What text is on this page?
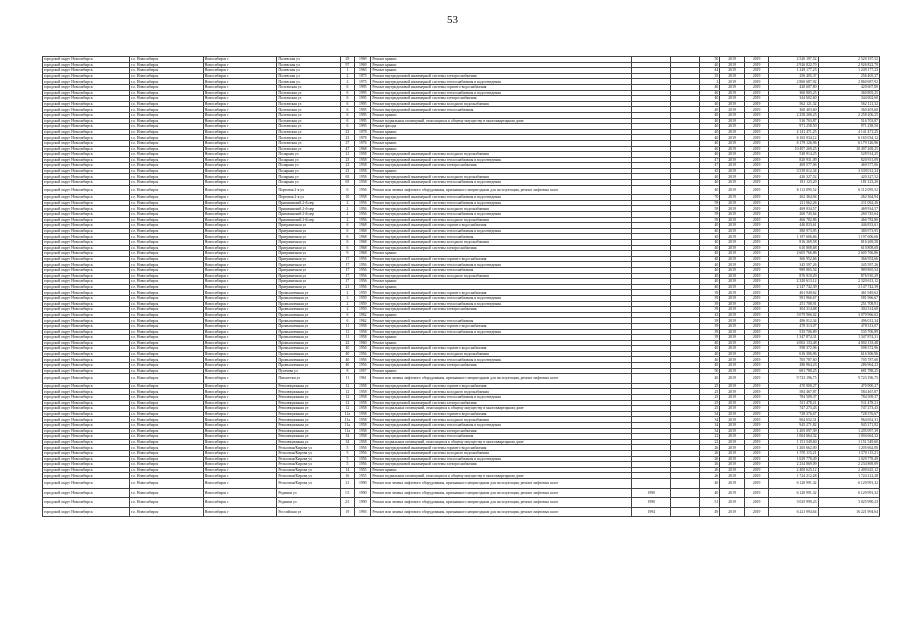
53
городской округ Новосибирск	г.о. Новосибирск	Новосибирск г	Полевская ул	29	1969	Ремонт крыши			50	2019	2019	2 520 197,52	2 520 197,52
городской округ Новосибирск	г.о. Новосибирск	Новосибирск г	Полевская ул	97	1969	Ремонт крыши			40	2019	2019	2 926 822,70	2 926 822,70
городской округ Новосибирск	г.о. Новосибирск	Новосибирск г	Полевская ул	1	1965	Ремонт крыши			44	2019	2019	1 249 177,23	1 249 177,23
городской округ Новосибирск	г.о. Новосибирск	Новосибирск г	Полевская ул	2	1975	Ремонт внутридомовой инженерной системы электроснабжения			35	2019	2019	256 405,37	256 405,37
городской округ Новосибирск	г.о. Новосибирск	Новосибирск г	Полевская ул	2	1975	Ремонт внутридомовой инженерной системы теплоснабжения и водоотведения			2	2019	2019	2 860 687,92	2 860 687,92
городской округ Новосибирск	г.о. Новосибирск	Новосибирск г	Полтавская ул	6	1995	Ремонт внутридомовой инженерной системы горячего водоснабжения			40	2019	2019	420 607,80	420 607,80
городской округ Новосибирск	г.о. Новосибирск	Новосибирск г	Полтавская ул	6	1995	Ремонт внутридомовой инженерной системы теплоснабжения и водоотведения			40	2019	2019	360 805,25	360 805,25
городской округ Новосибирск	г.о. Новосибирск	Новосибирск г	Полтавская ул	6	1995	Ремонт внутридомовой инженерной системы электроснабжения			40	2019	2019	344 602,60	344 602,60
городской округ Новосибирск	г.о. Новосибирск	Новосибирск г	Полтавская ул	6	1995	Ремонт внутридомовой инженерной системы холодного водоснабжения			40	2019	2019	562 121,32	562 121,32
городской округ Новосибирск	г.о. Новосибирск	Новосибирск г	Полтавская ул	6	1995	Ремонт внутридомовой инженерной системы теплоснабжения			40	2019	2019	360 403,60	360 403,60
городской округ Новосибирск	г.о. Новосибирск	Новосибирск г	Полтавская ул	6	1995	Ремонт крыши			40	2019	2019	2 258 206,25	2 258 206,25
городской округ Новосибирск	г.о. Новосибирск	Новосибирск г	Полтавская ул	6	1995	Ремонт подвальных помещений, относящихся к общему имуществу в многоквартирном доме			40	2019	2019	516 703,87	516 703,87
городской округ Новосибирск	г.о. Новосибирск	Новосибирск г	Полтавская ул	6	1995	Ремонт фасада			40	2019	2019	971 258,50	971 258,50
городской округ Новосибирск	г.о. Новосибирск	Новосибирск г	Полтавская ул	23	1978	Ремонт крыши			40	2019	2019	4 141 471,25	4 141 471,25
городской округ Новосибирск	г.о. Новосибирск	Новосибирск г	Полтавская ул	23	1978	Ремонт крыши			40	2019	2019	6 165 034,12	6 165 034,12
городской округ Новосибирск	г.о. Новосибирск	Новосибирск г	Полтавская ул	37	1976	Ремонт крыши			40	2019	2019	6 179 126,96	6 179 126,96
городской округ Новосибирск	г.о. Новосибирск	Новосибирск г	Полтавская ул	47	1968	Ремонт крыши			40	2019	2019	10 497 269,25	10 497 269,25
городской округ Новосибирск	г.о. Новосибирск	Новосибирск г	Полярная ул	21	1958	Ремонт внутридомовой инженерной системы холодного водоснабжения			40	2019	2019	528 914,25	528 914,25
городской округ Новосибирск	г.о. Новосибирск	Новосибирск г	Полярная ул	23	1958	Ремонт внутридомовой инженерной системы теплоснабжения и водоотведения			47	2019	2019	820 931,09	820 931,09
городской округ Новосибирск	г.о. Новосибирск	Новосибирск г	Полярная ул	23	1958	Ремонт внутридомовой инженерной системы электроснабжения			47	2019	2019	469 577,06	469 577,06
городской округ Новосибирск	г.о. Новосибирск	Новосибирск г	Полярная ул	23	1958	Ремонт крыши			45	2019	2019	3 539 012,34	3 539 012,34
городской округ Новосибирск	г.о. Новосибирск	Новосибирск г	Полярная ул	65	1958	Ремонт внутридомовой инженерной системы холодного водоснабжения			40	2019	2019	420 327,52	420 327,52
городской округ Новосибирск	г.о. Новосибирск	Новосибирск г	Полярная ул	65	1958	Ремонт внутридомовой инженерной системы теплоснабжения и водоотведения			40	2019	2019	181 123,20	181 123,20
городской округ Новосибирск	г.о. Новосибирск	Новосибирск г	Портовая 2-я ул	6	1956	Ремонт или замена лифтового оборудования, признанного непригодным для эксплуатации, ремонт лифтовых шахт			40	2019	2019	6 112 095,52	6 112 095,52
городской округ Новосибирск	г.о. Новосибирск	Новосибирск г	Портовая 2-я ул	10	1958	Ремонт внутридомовой инженерной системы теплоснабжения и водоотведения			70	2019	2019	262 364,94	262 364,94
городской округ Новосибирск	г.о. Новосибирск	Новосибирск г	Пришвинский 2-й пер	2	1956	Ремонт внутридомовой инженерной системы теплоснабжения и водоотведения			59	2019	2019	211 062,26	211 062,26
городской округ Новосибирск	г.о. Новосибирск	Новосибирск г	Пришвинский 2-й пер	2	1956	Ремонт внутридомовой инженерной системы холодного водоснабжения			59	2019	2019	469 934,57	469 934,57
городской округ Новосибирск	г.о. Новосибирск	Новосибирск г	Пришвинский 2-й пер	2	1956	Ремонт внутридомовой инженерной системы теплоснабжения и водоотведения			59	2019	2019	260 745,64	260 745,64
городской округ Новосибирск	г.о. Новосибирск	Новосибирск г	Пришвинский 2-й пер	2	1956	Ремонт внутридомовой инженерной системы холодного водоснабжения			59	2019	2019	466 782,86	466 782,86
городской округ Новосибирск	г.о. Новосибирск	Новосибирск г	Приграничная ул	6	1968	Ремонт внутридомовой инженерной системы горячего водоснабжения			40	2019	2019	446 833,61	446 833,61
городской округ Новосибирск	г.о. Новосибирск	Новосибирск г	Приграничная ул	6	1968	Ремонт внутридомовой инженерной системы теплоснабжения и водоотведения			40	2019	2019	380 973,95	380 973,95
городской округ Новосибирск	г.о. Новосибирск	Новосибирск г	Приграничная ул	6	1968	Ремонт внутридомовой инженерной системы теплоснабжения			40	2019	2019	1 197 606,66	1 197 606,66
городской округ Новосибирск	г.о. Новосибирск	Новосибирск г	Приграничная ул	6	1968	Ремонт внутридомовой инженерной системы холодного водоснабжения			40	2019	2019	816 269,58	816 269,58
городской округ Новосибирск	г.о. Новосибирск	Новосибирск г	Приграничная ул	6	1968	Ремонт внутридомовой инженерной системы электроснабжения			40	2019	2019	610 808,68	610 808,68
городской округ Новосибирск	г.о. Новосибирск	Новосибирск г	Приграничная ул	9	1968	Ремонт крыши			40	2019	2019	2 605 766,86	2 605 766,86
городской округ Новосибирск	г.о. Новосибирск	Новосибирск г	Приграничная ул	17	1956	Ремонт внутридомовой инженерной системы горячего водоснабжения			40	2019	2019	366 952,66	366 952,66
городской округ Новосибирск	г.о. Новосибирск	Новосибирск г	Приграничная ул	17	1956	Ремонт внутридомовой инженерной системы теплоснабжения и водоотведения			40	2019	2019	345 597,26	345 597,26
городской округ Новосибирск	г.о. Новосибирск	Новосибирск г	Приграничная ул	17	1956	Ремонт внутридомовой инженерной системы теплоснабжения			40	2019	2019	989 865,54	989 865,54
городской округ Новосибирск	г.о. Новосибирск	Новосибирск г	Приграничная ул	17	1956	Ремонт внутридомовой инженерной системы холодного водоснабжения			40	2019	2019	876 910,29	876 910,29
городской округ Новосибирск	г.о. Новосибирск	Новосибирск г	Приграничная ул	17	1956	Ремонт крыши			40	2019	2019	2 320 613,12	2 320 613,12
городской округ Новосибирск	г.о. Новосибирск	Новосибирск г	Приграничная ул	21	1956	Ремонт крыши			40	2019	2019	2 147 742,39	2 147 742,39
городской округ Новосибирск	г.о. Новосибирск	Новосибирск г	Промышленная ул	2	1959	Ремонт внутридомовой инженерной системы горячего водоснабжения			39	2019	2019	461 949,62	461 949,62
городской округ Новосибирск	г.о. Новосибирск	Новосибирск г	Промышленная ул	2	1959	Ремонт внутридомовой инженерной системы теплоснабжения и водоотведения			39	2019	2019	581 966,67	581 966,67
городской округ Новосибирск	г.о. Новосибирск	Новосибирск г	Промышленная ул	2	1959	Ремонт внутридомовой инженерной системы теплоснабжения и водоотведения			39	2019	2019	251 708,91	251 708,91
городской округ Новосибирск	г.о. Новосибирск	Новосибирск г	Промышленная ул	2	1959	Ремонт внутридомовой инженерной системы электроснабжения			39	2019	2019	304 314,68	304 314,68
городской округ Новосибирск	г.о. Новосибирск	Новосибирск г	Промышленная ул	6	1962	Ремонт крыши			43	2019	2019	3 079 966,02	3 079 966,02
городской округ Новосибирск	г.о. Новосибирск	Новосибирск г	Промышленная ул	6	1962	Ремонт внутридомовой инженерной системы теплоснабжения			39	2019	2019	496 012,34	496 012,34
городской округ Новосибирск	г.о. Новосибирск	Новосибирск г	Промышленная ул	11	1958	Ремонт внутридомовой инженерной системы горячего водоснабжения			39	2019	2019	478 313,07	478 313,07
городской округ Новосибирск	г.о. Новосибирск	Новосибирск г	Промышленная ул	11	1958	Ремонт внутридомовой инженерной системы теплоснабжения и водоотведения			39	2019	2019	535 706,89	535 706,89
городской округ Новосибирск	г.о. Новосибирск	Новосибирск г	Промышленная ул	11	1958	Ремонт крыши			39	2019	2019	1 347 874,31	1 347 874,31
городской округ Новосибирск	г.о. Новосибирск	Новосибирск г	Промышленная ул	22	1960	Ремонт крыши			40	2019	2019	4 002 133,48	4 002 133,48
городской округ Новосибирск	г.о. Новосибирск	Новосибирск г	Промышленная ул	40	1956	Ремонт внутридомовой инженерной системы горячего водоснабжения			40	2019	2019	598 372,96	598 372,96
городской округ Новосибирск	г.о. Новосибирск	Новосибирск г	Промышленная ул	40	1956	Ремонт внутридомовой инженерной системы холодного водоснабжения			40	2019	2019	616 306,96	616 306,96
городской округ Новосибирск	г.о. Новосибирск	Новосибирск г	Промышленная ул	40	1956	Ремонт внутридомовой инженерной системы теплоснабжения и водоотведения			40	2019	2019	705 787,60	705 787,60
городской округ Новосибирск	г.о. Новосибирск	Новосибирск г	Промышленная ул	40	1956	Ремонт внутридомовой инженерной системы электроснабжения			40	2019	2019	286 964,23	286 964,23
городской округ Новосибирск	г.о. Новосибирск	Новосибирск г	Пугачева ул	8	1957	Ремонт крыши			50	2019	2019	681 788,25	681 788,25
городской округ Новосибирск	г.о. Новосибирск	Новосибирск г	Пятилетки ул	11	1961	Ремонт или замена лифтового оборудования, признанного непригодным для эксплуатации, ремонт лифтовых шахт			40	2019	2019	9 723 196,75	9 723 196,75
городской округ Новосибирск	г.о. Новосибирск	Новосибирск г	Революционная ул	12	1958	Ремонт внутридомовой инженерной системы горячего водоснабжения			25	2019	2019	470 900,27	470 900,27
городской округ Новосибирск	г.о. Новосибирск	Новосибирск г	Революционная ул	12	1958	Ремонт внутридомовой инженерной системы холодного водоснабжения			25	2019	2019	584 467,87	584 467,87
городской округ Новосибирск	г.о. Новосибирск	Новосибирск г	Революционная ул	12	1958	Ремонт внутридомовой инженерной системы теплоснабжения и водоотведения			25	2019	2019	784 509,37	784 509,37
городской округ Новосибирск	г.о. Новосибирск	Новосибирск г	Революционная ул	12	1958	Ремонт внутридомовой инженерной системы электроснабжения			25	2019	2019	511 478,21	511 478,21
городской округ Новосибирск	г.о. Новосибирск	Новосибирск г	Революционная ул	12	1958	Ремонт подвальных помещений, относящихся к общему имуществу в многоквартирном доме			25	2019	2019	747 273,43	747 273,43
городской округ Новосибирск	г.о. Новосибирск	Новосибирск г	Революционная ул	11а	1958	Ремонт внутридомовой инженерной системы горячего водоснабжения			34	2019	2019	728 376,67	728 376,67
городской округ Новосибирск	г.о. Новосибирск	Новосибирск г	Революционная ул	11а	1958	Ремонт внутридомовой инженерной системы холодного водоснабжения			34	2019	2019	964 652,31	964 652,31
городской округ Новосибирск	г.о. Новосибирск	Новосибирск г	Революционная ул	11а	1958	Ремонт внутридомовой инженерной системы теплоснабжения и водоотведения			34	2019	2019	945 271,82	945 271,82
городской округ Новосибирск	г.о. Новосибирск	Новосибирск г	Революционная ул	11а	1958	Ремонт внутридомовой инженерной системы электроснабжения			34	2019	2019	1 205 097,39	1 205 097,39
городской округ Новосибирск	г.о. Новосибирск	Новосибирск г	Революционная ул	34	1958	Ремонт внутридомовой инженерной системы теплоснабжения			22	2019	2019	1 004 664,32	1 004 664,32
городской округ Новосибирск	г.о. Новосибирск	Новосибирск г	Революционная ул	34	1958	Ремонт подвальных помещений, относящихся к общему имуществу в многоквартирном доме			22	2019	2019	1 151 549,60	1 151 549,60
городской округ Новосибирск	г.о. Новосибирск	Новосибирск г	Рельсовая/Кирова ул	5	1956	Ремонт внутридомовой инженерной системы горячего водоснабжения			26	2019	2019	1 205 662,00	1 205 662,00
городской округ Новосибирск	г.о. Новосибирск	Новосибирск г	Рельсовая/Кирова ул	5	1956	Ремонт внутридомовой инженерной системы холодного водоснабжения			26	2019	2019	1 570 115,21	1 570 115,21
городской округ Новосибирск	г.о. Новосибирск	Новосибирск г	Рельсовая/Кирова ул	5	1956	Ремонт внутридомовой инженерной системы теплоснабжения и водоотведения			26	2019	2019	1 029 778,49	1 029 778,49
городской округ Новосибирск	г.о. Новосибирск	Новосибирск г	Рельсовая/Кирова ул	5	1956	Ремонт внутридомовой инженерной системы электроснабжения			26	2019	2019	2 234 869,09	2 234 869,09
городской округ Новосибирск	г.о. Новосибирск	Новосибирск г	Рельсовая/Кирова ул	14	1955	Ремонт крыши			26	2019	2019	2 400 625,12	2 400 625,12
городской округ Новосибирск	г.о. Новосибирск	Новосибирск г	Рельсовая/Кирова ул	16	1955	Ремонт подвальных помещений, относящихся к общему имуществу в многоквартирном доме			26	2019	2019	1 724 212,28	1 724 212,28
городской округ Новосибирск	г.о. Новосибирск	Новосибирск г	Рельсовая/Кирова ул	21	1990	Ремонт или замена лифтового оборудования, признанного непригодным для эксплуатации, ремонт лифтовых шахт			40	2019	2019	6 120 991,32	6 120 991,32
городской округ Новосибирск	г.о. Новосибирск	Новосибирск г	Родники ул	1/1	1990	Ремонт или замена лифтового оборудования, признанного непригодным для эксплуатации, ремонт лифтовых шахт	1990		40	2019	2019	6 120 991,32	6 120 991,32
городской округ Новосибирск	г.о. Новосибирск	Новосибирск г	Родники ул	2/1	1990	Ремонт или замена лифтового оборудования, признанного непригодным для эксплуатации, ремонт лифтовых шахт	1990		51	2019	2019	3 025 990,23	3 025 990,23
городской округ Новосибирск	г.о. Новосибирск	Новосибирск г	Российская ул	19	1993	Ремонт или замена лифтового оборудования, признанного непригодным для эксплуатации, ремонт лифтовых шахт	1994		49	2019	2019	6 221 994,64	16 221 994,64
